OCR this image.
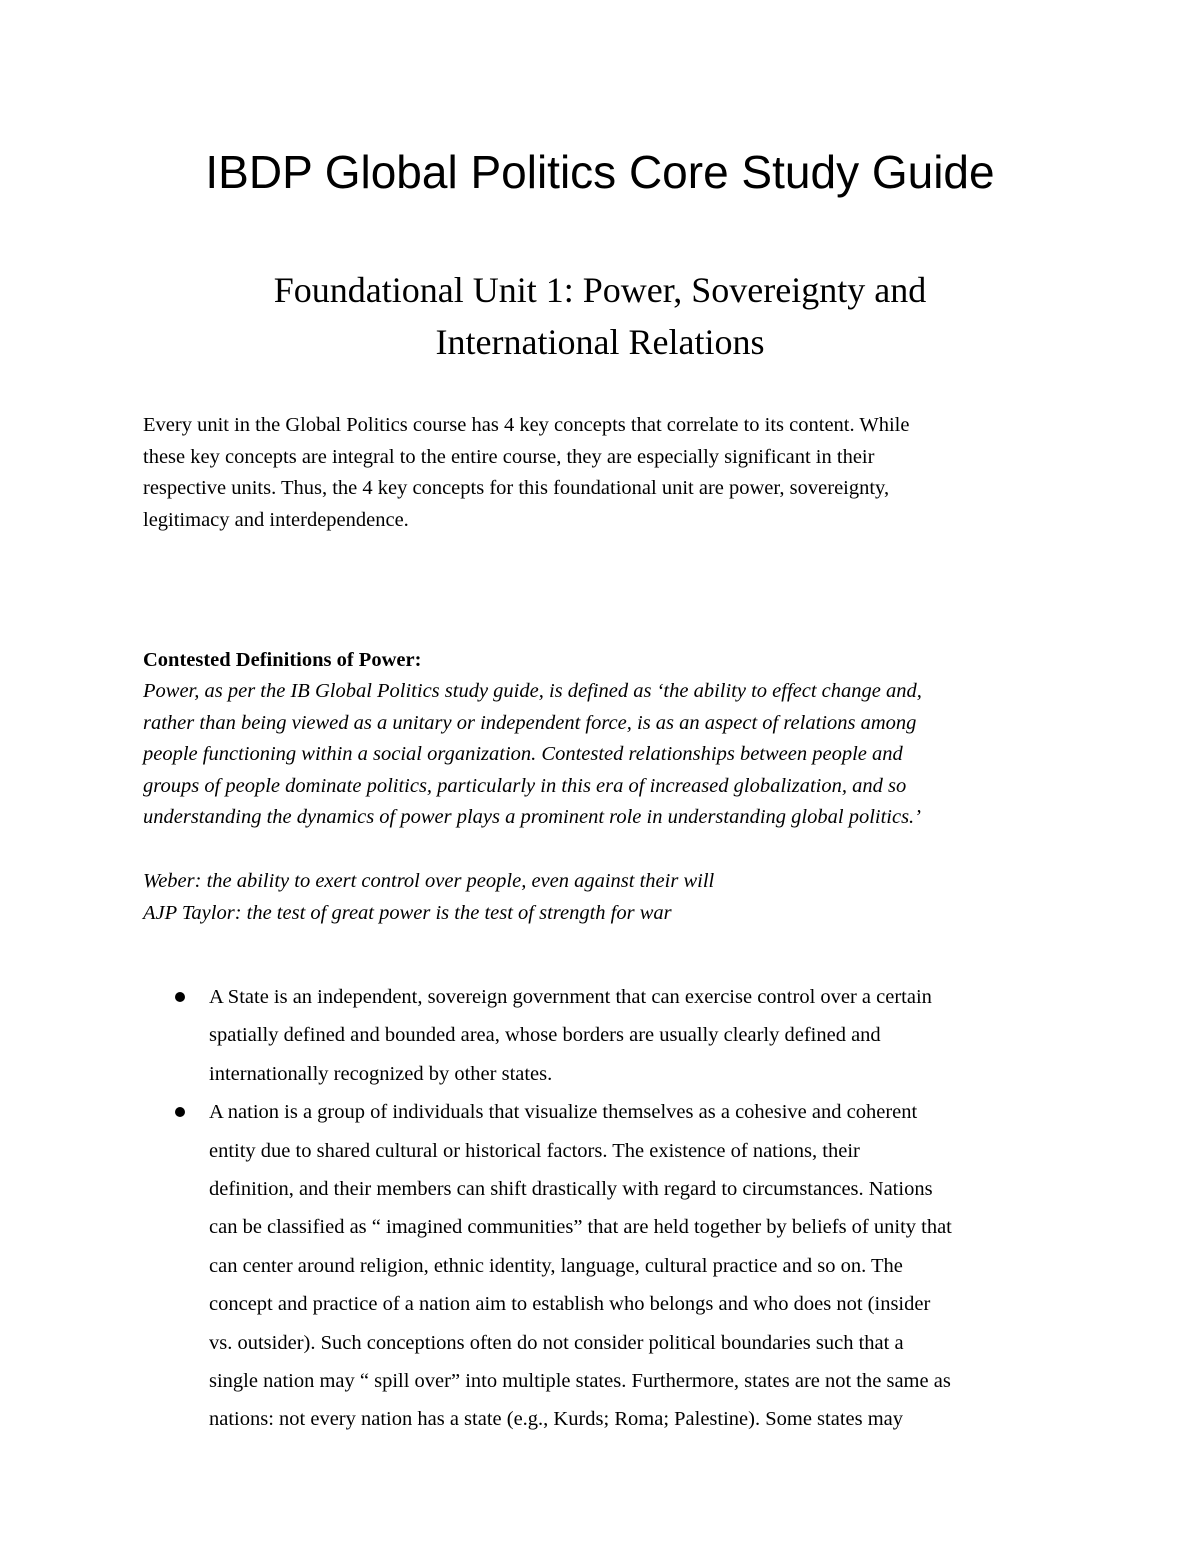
IBDP Global Politics Core Study Guide
Foundational Unit 1: Power, Sovereignty and
International Relations
Every unit in the Global Politics course has 4 key concepts that correlate to its content. While
these key concepts are integral to the entire course, they are especially significant in their
respective units. Thus, the 4 key concepts for this foundational unit are power, sovereignty,
legitimacy and interdependence.
Contested Definitions of Power:
Power, as per the IB Global Politics study guide, is defined as ‘the ability to effect change and,
rather than being viewed as a unitary or independent force, is as an aspect of relations among
people functioning within a social organization. Contested relationships between people and
groups of people dominate politics, particularly in this era of increased globalization, and so
understanding the dynamics of power plays a prominent role in understanding global politics.’
Weber: the ability to exert control over people, even against their will
AJP Taylor: the test of great power is the test of strength for war
A State is an independent, sovereign government that can exercise control over a certain
spatially defined and bounded area, whose borders are usually clearly defined and
internationally recognized by other states.
A nation is a group of individuals that visualize themselves as a cohesive and coherent
entity due to shared cultural or historical factors. The existence of nations, their
definition, and their members can shift drastically with regard to circumstances. Nations
can be classified as “ imagined communities” that are held together by beliefs of unity that
can center around religion, ethnic identity, language, cultural practice and so on. The
concept and practice of a nation aim to establish who belongs and who does not (insider
vs. outsider). Such conceptions often do not consider political boundaries such that a
single nation may “ spill over” into multiple states. Furthermore, states are not the same as
nations: not every nation has a state (e.g., Kurds; Roma; Palestine). Some states may
